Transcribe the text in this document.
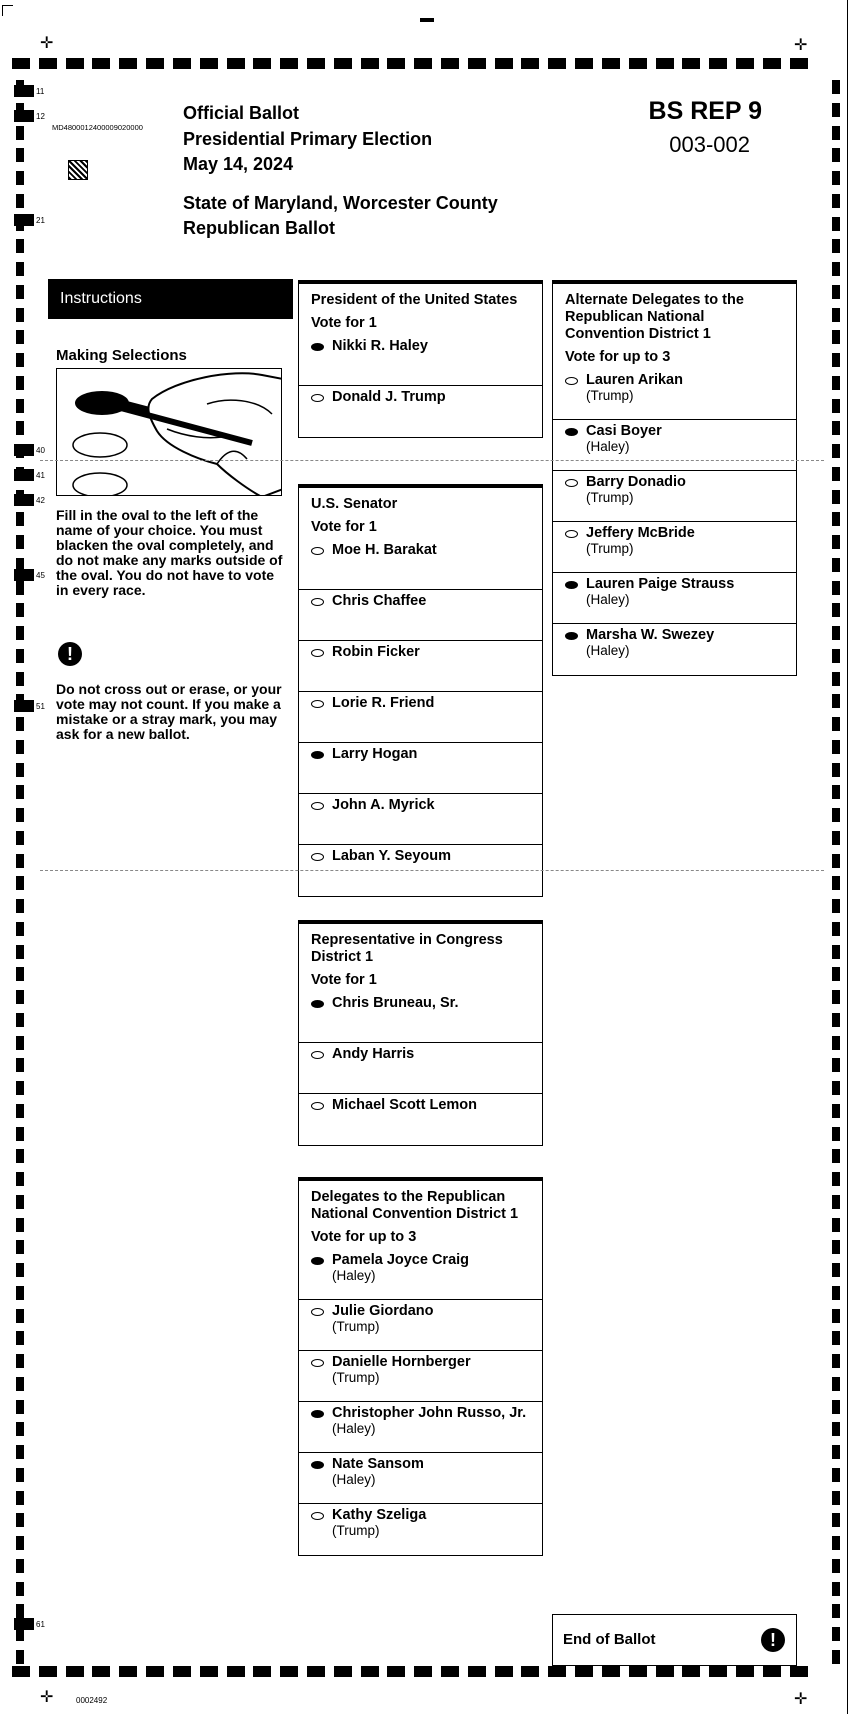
✛	✛
✛	✛
11
12
21
40
41
42
45
51
61
MD4800012400009020000
Official Ballot
Presidential Primary Election
May 14, 2024
State of Maryland, Worcester County
Republican Ballot
BS REP 9
003-002
Instructions
Making Selections
Fill in the oval to the left of the name of your choice. You must blacken the oval completely, and do not make any marks outside of the oval. You do not have to vote in every race.
!
Do not cross out or erase, or your vote may not count. If you make a mistake or a stray mark, you may ask for a new ballot.
President of the United States
Vote for 1
Nikki R. Haley
Donald J. Trump
U.S. Senator
Vote for 1
Moe H. Barakat
Chris Chaffee
Robin Ficker
Lorie R. Friend
Larry Hogan
John A. Myrick
Laban Y. Seyoum
Representative in Congress District 1
Vote for 1
Chris Bruneau, Sr.
Andy Harris
Michael Scott Lemon
Delegates to the Republican National Convention District 1
Vote for up to 3
Pamela Joyce Craig
(Haley)
Julie Giordano
(Trump)
Danielle Hornberger
(Trump)
Christopher John Russo, Jr.
(Haley)
Nate Sansom
(Haley)
Kathy Szeliga
(Trump)
Alternate Delegates to the Republican National Convention District 1
Vote for up to 3
Lauren Arikan
(Trump)
Casi Boyer
(Haley)
Barry Donadio
(Trump)
Jeffery McBride
(Trump)
Lauren Paige Strauss
(Haley)
Marsha W. Swezey
(Haley)
End of Ballot	!
0002492
